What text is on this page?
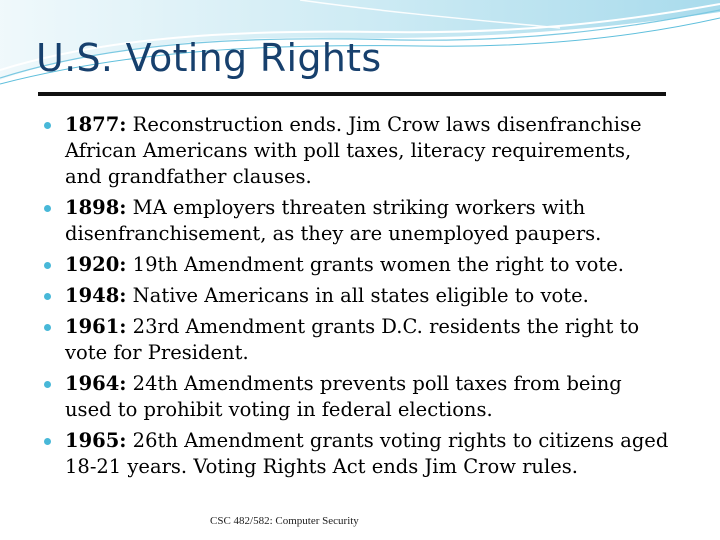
U.S. Voting Rights
1877: Reconstruction ends. Jim Crow laws disenfranchise African Americans with poll taxes, literacy requirements, and grandfather clauses.
1898: MA employers threaten striking workers with disenfranchisement, as they are unemployed paupers.
1920: 19th Amendment grants women the right to vote.
1948: Native Americans in all states eligible to vote.
1961: 23rd Amendment grants D.C. residents the right to vote for President.
1964: 24th Amendments prevents poll taxes from being used to prohibit voting in federal elections.
1965: 26th Amendment grants voting rights to citizens aged 18-21 years. Voting Rights Act ends Jim Crow rules.
CSC 482/582: Computer Security
